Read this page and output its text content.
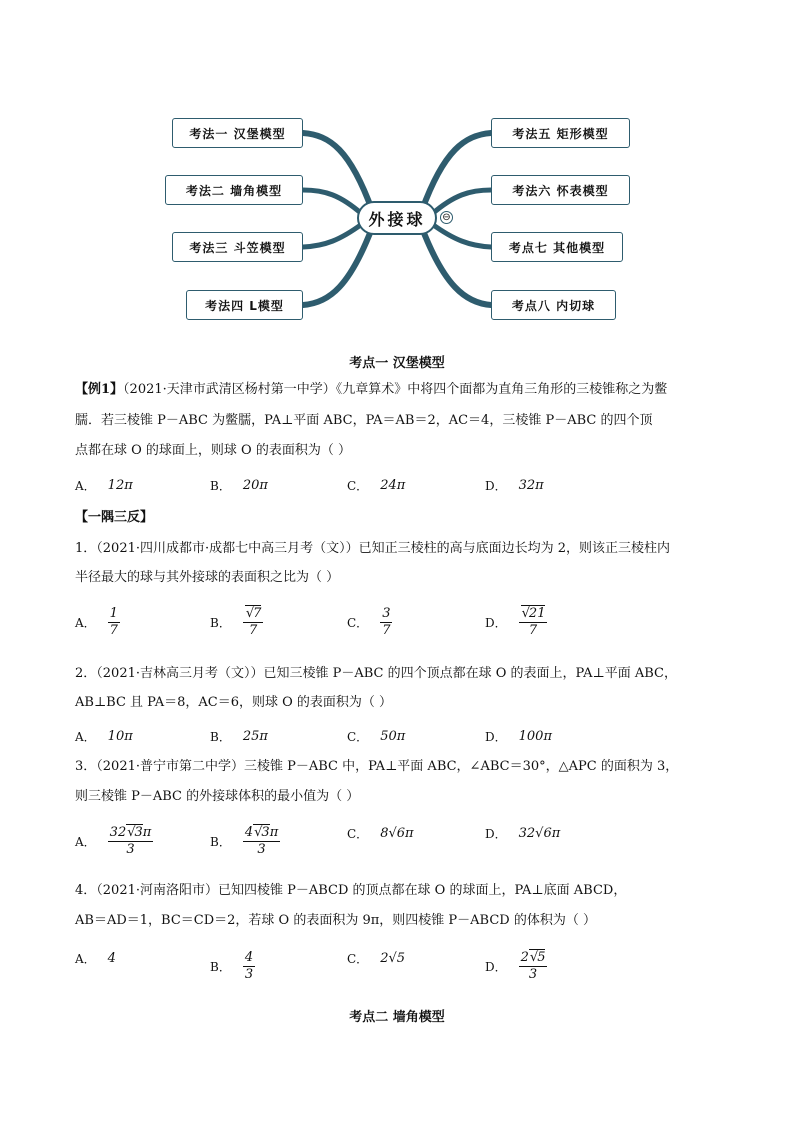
考法一 汉堡模型
考法二 墙角模型
考法三 斗笠模型
考法四 L模型
考法五 矩形模型
考法六 怀表模型
考点七 其他模型
考点八 内切球
外接球	⊖
考点一 汉堡模型
【例1】（2021·天津市武清区杨村第一中学）《九章算术》中将四个面都为直角三角形的三棱锥称之为鳖
臑．若三棱锥 P－ABC 为鳖臑，PA⊥平面 ABC，PA＝AB＝2，AC＝4，三棱锥 P－ABC 的四个顶
点都在球 O 的球面上，则球 O 的表面积为（ ）
A． 12π	B． 20π	C． 24π	D． 32π
【一隅三反】
1．（2021·四川成都市·成都七中高三月考（文））已知正三棱柱的高与底面边长均为 2，则该正三棱柱内
半径最大的球与其外接球的表面积之比为（ ）
A． $\frac{1}{7}$	B． √ $\frac{7}{7}$	C． $\frac{3}{7}$	D． √ $\frac{21}{7}$
2．（2021·吉林高三月考（文））已知三棱锥 P－ABC 的四个顶点都在球 O 的表面上，PA⊥平面 ABC，
AB⊥BC 且 PA＝8，AC＝6，则球 O 的表面积为（ ）
A． 10π	B． 25π	C． 50π	D． 100π
3．（2021·普宁市第二中学）三棱锥 P－ABC 中，PA⊥平面 ABC，∠ABC＝30°，△APC 的面积为 3，
则三棱锥 P－ABC 的外接球体积的最小值为（ ）
A． $\frac{32 √ 3\pi}{3}$	B． $\frac{4 √ 3\pi}{3}$	C． 8√6π	D． 32√6π
4．（2021·河南洛阳市）已知四棱锥 P－ABCD 的顶点都在球 O 的球面上，PA⊥底面 ABCD，
AB＝AD＝1，BC＝CD＝2，若球 O 的表面积为 9π，则四棱锥 P－ABCD 的体积为（ ）
A． 4
B． $\frac{4}{3}$	C． 2√5
D． $\frac{2 √ 5}{3}$
考点二 墙角模型
